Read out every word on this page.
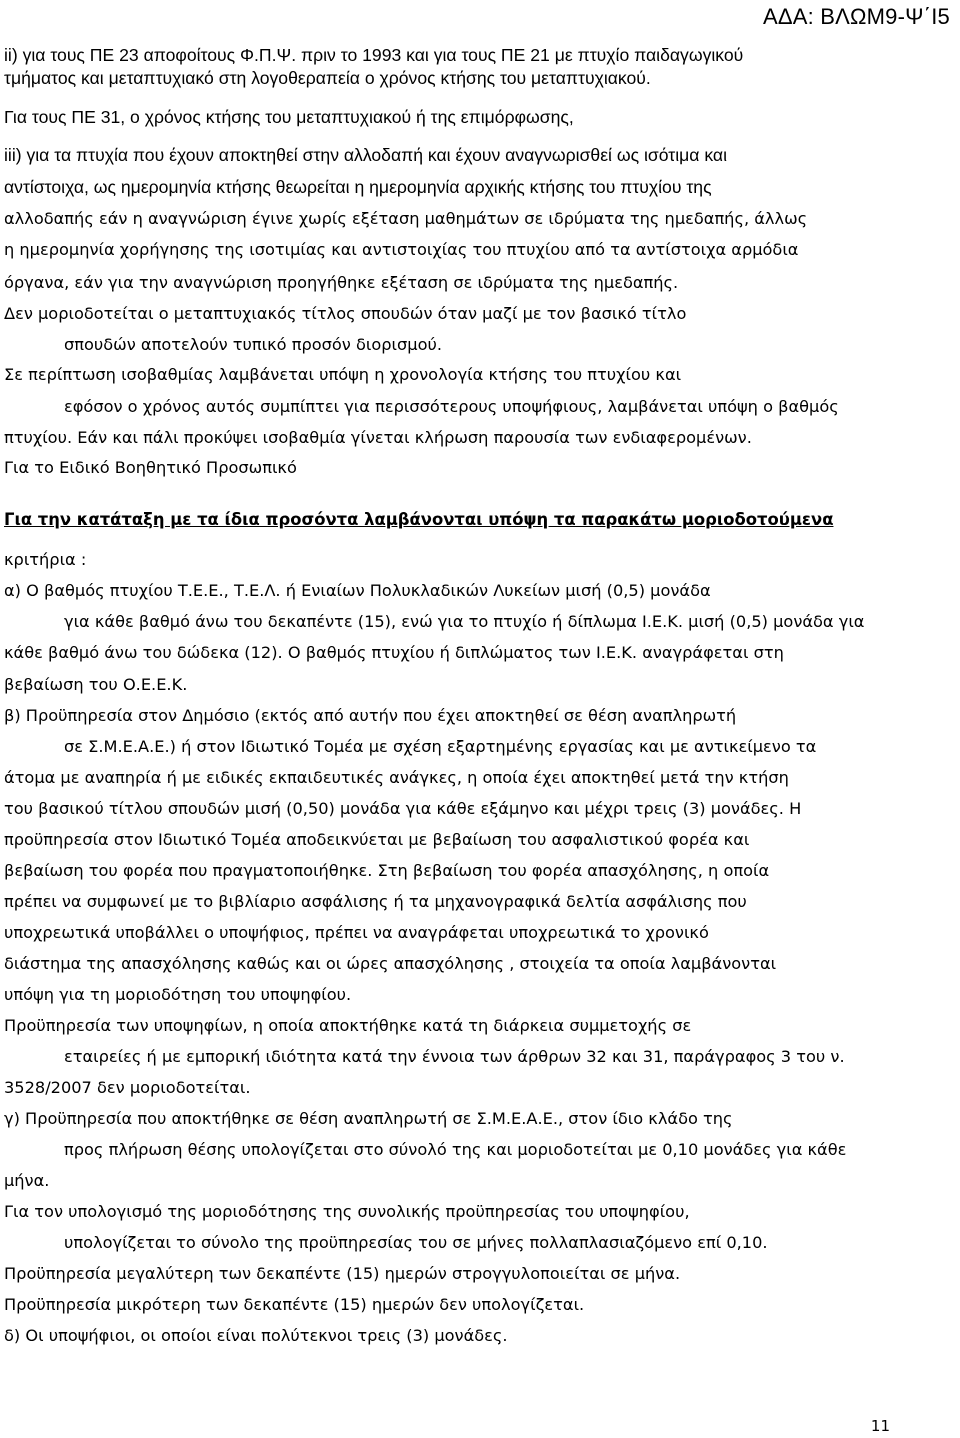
ΑΔΑ: ΒΛΩΜ9-Ψ΄Ι5
ii) για τους ΠΕ 23 αποφοίτους Φ.Π.Ψ. πριν το 1993 και για τους ΠΕ 21 με πτυχίο παιδαγωγικού
τμήματος και μεταπτυχιακό στη λογοθεραπεία ο χρόνος κτήσης του μεταπτυχιακού.
Για τους ΠΕ 31, ο χρόνος κτήσης του μεταπτυχιακού ή της επιμόρφωσης,
iii) για τα πτυχία που έχουν αποκτηθεί στην αλλοδαπή και έχουν αναγνωρισθεί ως ισότιμα και
αντίστοιχα, ως ημερομηνία κτήσης θεωρείται η ημερομηνία αρχικής κτήσης του πτυχίου της
αλλοδαπής εάν η αναγνώριση έγινε χωρίς εξέταση μαθημάτων σε ιδρύματα της ημεδαπής, άλλως
η ημερομηνία χορήγησης της ισοτιμίας και αντιστοιχίας του πτυχίου από τα αντίστοιχα αρμόδια
όργανα, εάν για την αναγνώριση προηγήθηκε εξέταση σε ιδρύματα της ημεδαπής.
Δεν μοριοδοτείται ο μεταπτυχιακός τίτλος σπουδών όταν μαζί με τον βασικό τίτλο
σπουδών αποτελούν τυπικό προσόν διορισμού.
Σε περίπτωση ισοβαθμίας λαμβάνεται υπόψη η χρονολογία κτήσης του πτυχίου και
εφόσον ο χρόνος αυτός συμπίπτει για περισσότερους υποψήφιους, λαμβάνεται υπόψη ο βαθμός
πτυχίου. Εάν και πάλι προκύψει ισοβαθμία γίνεται κλήρωση παρουσία των ενδιαφερομένων.
Για το Ειδικό Βοηθητικό Προσωπικό
Για την κατάταξη με τα ίδια προσόντα λαμβάνονται υπόψη τα παρακάτω μοριοδοτούμενα
κριτήρια :
α) Ο βαθμός πτυχίου Τ.Ε.Ε., Τ.Ε.Λ. ή Ενιαίων Πολυκλαδικών Λυκείων μισή (0,5) μονάδα
για κάθε βαθμό άνω του δεκαπέντε (15), ενώ για το πτυχίο ή δίπλωμα Ι.Ε.Κ. μισή (0,5) μονάδα για
κάθε βαθμό άνω του δώδεκα (12). Ο βαθμός πτυχίου ή διπλώματος των Ι.Ε.Κ. αναγράφεται στη
βεβαίωση του Ο.Ε.Ε.Κ.
β) Προϋπηρεσία στον Δημόσιο (εκτός από αυτήν που έχει αποκτηθεί σε θέση αναπληρωτή
σε Σ.Μ.Ε.Α.Ε.) ή στον Ιδιωτικό Τομέα με σχέση εξαρτημένης εργασίας και με αντικείμενο τα
άτομα με αναπηρία ή με ειδικές εκπαιδευτικές ανάγκες, η οποία έχει αποκτηθεί μετά την κτήση
του βασικού τίτλου σπουδών μισή (0,50) μονάδα για κάθε εξάμηνο και μέχρι τρεις (3) μονάδες. Η
προϋπηρεσία στον Ιδιωτικό Τομέα αποδεικνύεται με βεβαίωση του ασφαλιστικού φορέα και
βεβαίωση του φορέα που πραγματοποιήθηκε. Στη βεβαίωση του φορέα απασχόλησης, η οποία
πρέπει να συμφωνεί με το βιβλίαριο ασφάλισης ή τα μηχανογραφικά δελτία ασφάλισης που
υποχρεωτικά υποβάλλει ο υποψήφιος, πρέπει να αναγράφεται υποχρεωτικά το χρονικό
διάστημα της απασχόλησης καθώς και οι ώρες απασχόλησης , στοιχεία τα οποία λαμβάνονται
υπόψη για τη μοριοδότηση του υποψηφίου.
Προϋπηρεσία των υποψηφίων, η οποία αποκτήθηκε κατά τη διάρκεια συμμετοχής σε
εταιρείες ή με εμπορική ιδιότητα κατά την έννοια των άρθρων 32 και 31, παράγραφος 3 του ν.
3528/2007 δεν μοριοδοτείται.
γ) Προϋπηρεσία που αποκτήθηκε σε θέση αναπληρωτή σε Σ.Μ.Ε.Α.Ε., στον ίδιο κλάδο της
προς πλήρωση θέσης υπολογίζεται στο σύνολό της και μοριοδοτείται με 0,10 μονάδες για κάθε
μήνα.
Για τον υπολογισμό της μοριοδότησης της συνολικής προϋπηρεσίας του υποψηφίου,
υπολογίζεται το σύνολο της προϋπηρεσίας του σε μήνες πολλαπλασιαζόμενο επί 0,10.
Προϋπηρεσία μεγαλύτερη των δεκαπέντε (15) ημερών στρογγυλοποιείται σε μήνα.
Προϋπηρεσία μικρότερη των δεκαπέντε (15) ημερών δεν υπολογίζεται.
δ) Οι υποψήφιοι, οι οποίοι είναι πολύτεκνοι τρεις (3) μονάδες.
11
